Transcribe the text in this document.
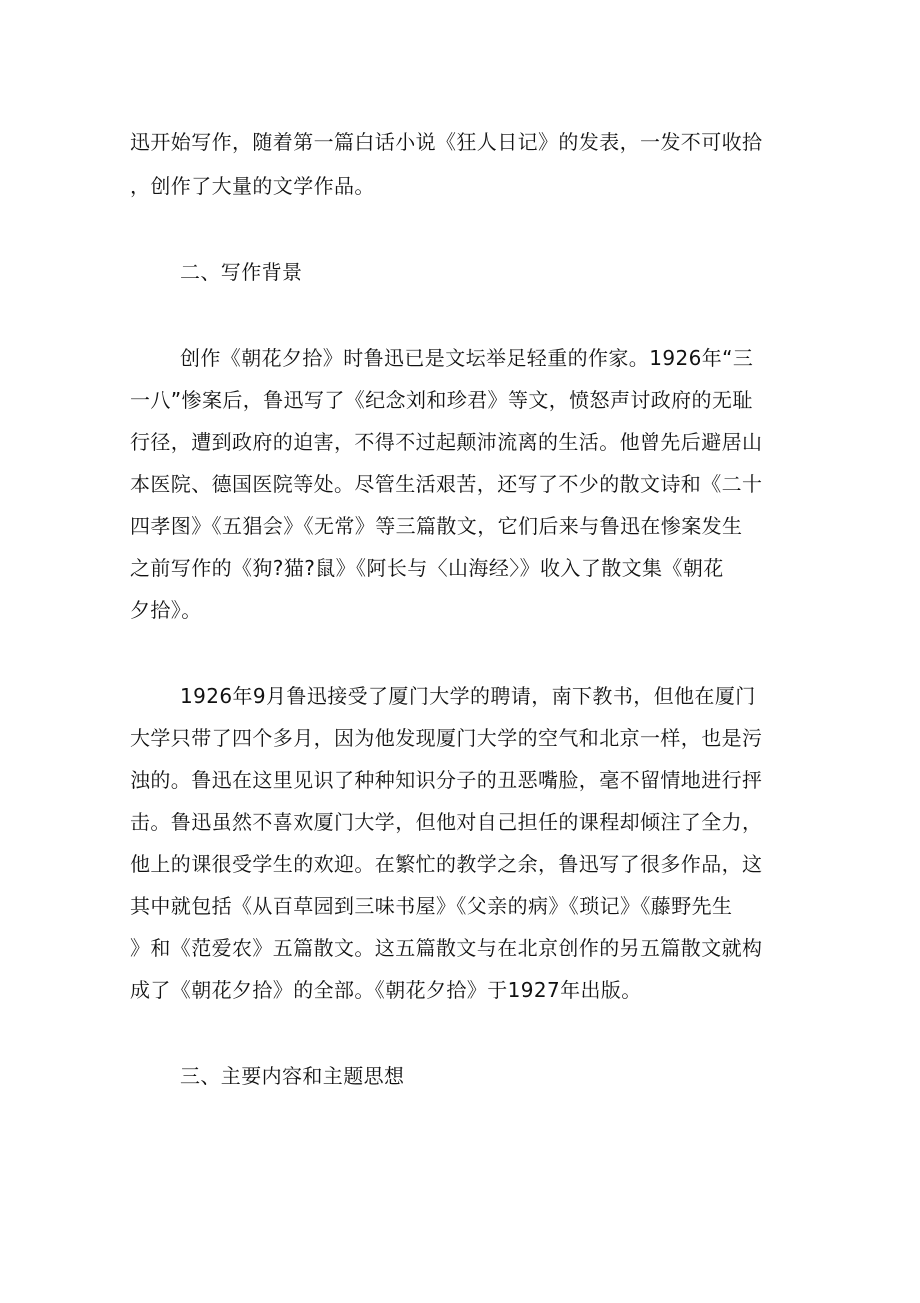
迅开始写作，随着第一篇白话小说《狂人日记》的发表，一发不可收拾
，创作了大量的文学作品。
二、写作背景
创作《朝花夕拾》时鲁迅已是文坛举足轻重的作家。1926年“三
一八”惨案后，鲁迅写了《纪念刘和珍君》等文，愤怒声讨政府的无耻
行径，遭到政府的迫害，不得不过起颠沛流离的生活。他曾先后避居山
本医院、德国医院等处。尽管生活艰苦，还写了不少的散文诗和《二十
四孝图》《五猖会》《无常》等三篇散文，它们后来与鲁迅在惨案发生
之前写作的《狗?猫?鼠》《阿长与〈山海经〉》收入了散文集《朝花
夕拾》。
1926年9月鲁迅接受了厦门大学的聘请，南下教书，但他在厦门
大学只带了四个多月，因为他发现厦门大学的空气和北京一样，也是污
浊的。鲁迅在这里见识了种种知识分子的丑恶嘴脸，毫不留情地进行抨
击。鲁迅虽然不喜欢厦门大学，但他对自己担任的课程却倾注了全力，
他上的课很受学生的欢迎。在繁忙的教学之余，鲁迅写了很多作品，这
其中就包括《从百草园到三味书屋》《父亲的病》《琐记》《藤野先生
》和《范爱农》五篇散文。这五篇散文与在北京创作的另五篇散文就构
成了《朝花夕拾》的全部。《朝花夕拾》于1927年出版。
三、主要内容和主题思想
